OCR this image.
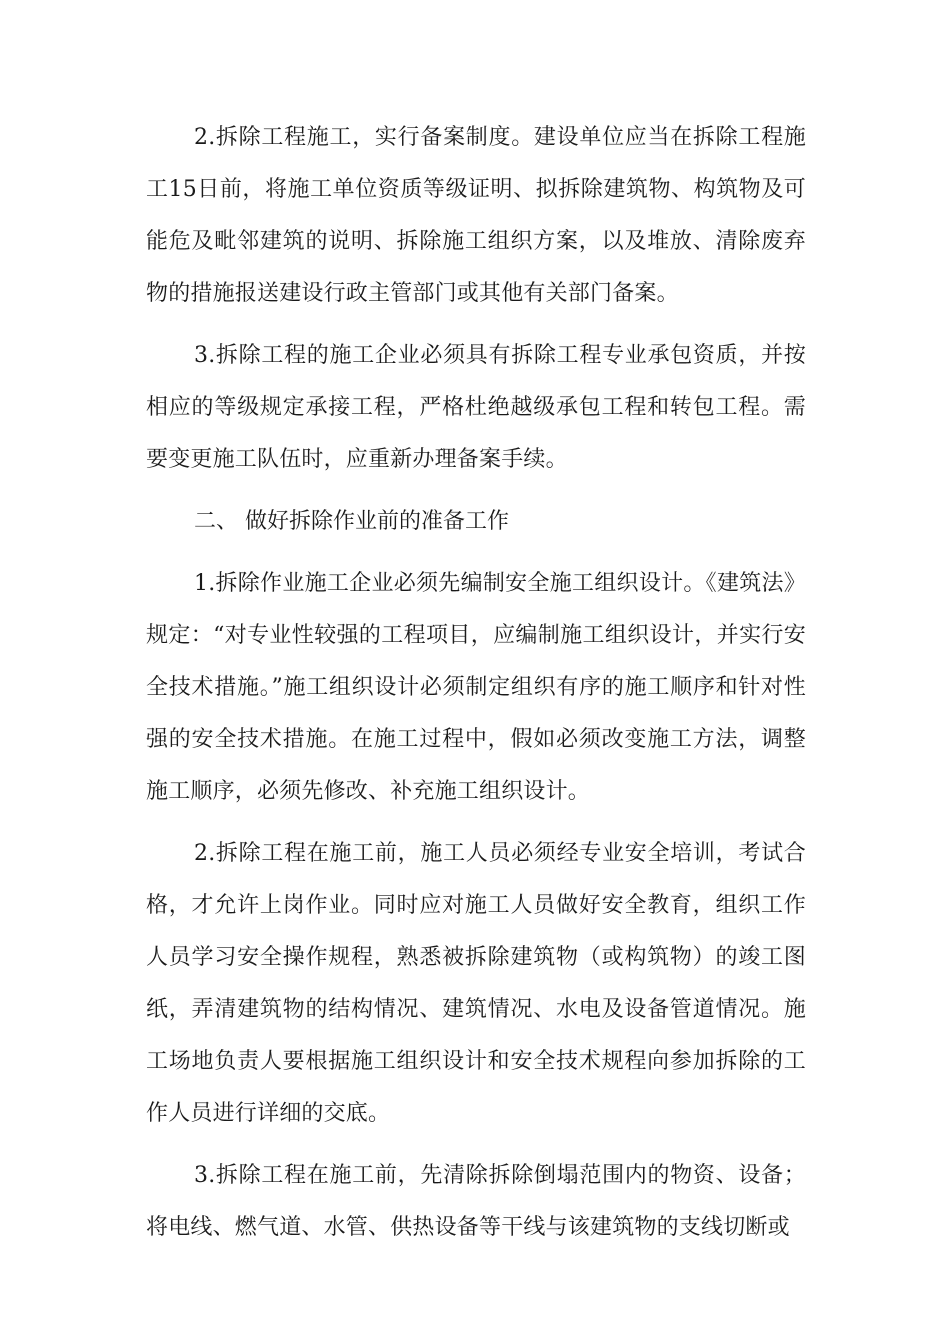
2.拆除工程施工，实行备案制度。建设单位应当在拆除工程施工15日前，将施工单位资质等级证明、拟拆除建筑物、构筑物及可能危及毗邻建筑的说明、拆除施工组织方案，以及堆放、清除废弃物的措施报送建设行政主管部门或其他有关部门备案。

3.拆除工程的施工企业必须具有拆除工程专业承包资质，并按相应的等级规定承接工程，严格杜绝越级承包工程和转包工程。需要变更施工队伍时，应重新办理备案手续。

二、 做好拆除作业前的准备工作

1.拆除作业施工企业必须先编制安全施工组织设计。《建筑法》规定：“对专业性较强的工程项目，应编制施工组织设计，并实行安全技术措施。”施工组织设计必须制定组织有序的施工顺序和针对性强的安全技术措施。在施工过程中，假如必须改变施工方法，调整施工顺序，必须先修改、补充施工组织设计。

2.拆除工程在施工前，施工人员必须经专业安全培训，考试合格，才允许上岗作业。同时应对施工人员做好安全教育，组织工作人员学习安全操作规程，熟悉被拆除建筑物（或构筑物）的竣工图纸，弄清建筑物的结构情况、建筑情况、水电及设备管道情况。施工场地负责人要根据施工组织设计和安全技术规程向参加拆除的工作人员进行详细的交底。

3.拆除工程在施工前，先清除拆除倒塌范围内的物资、设备；将电线、燃气道、水管、供热设备等干线与该建筑物的支线切断或
